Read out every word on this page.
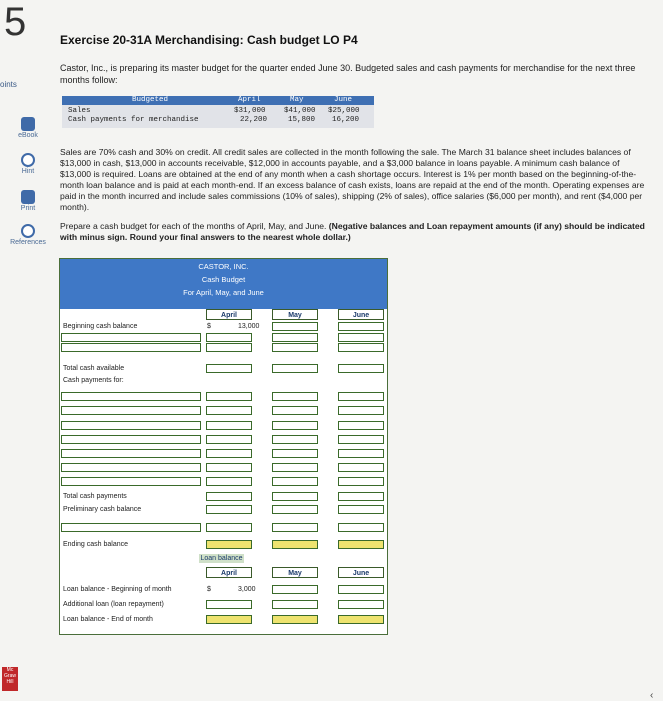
5
oints
eBook
Hint
Print
References
Exercise 20-31A Merchandising: Cash budget LO P4
Castor, Inc., is preparing its master budget for the quarter ended June 30. Budgeted sales and cash payments for merchandise for the next three months follow:
Budgeted	April	May	June
Sales	$31,000 $41,000 $25,000
Cash payments for merchandise	22,200	15,800 16,200
Sales are 70% cash and 30% on credit. All credit sales are collected in the month following the sale. The March 31 balance sheet includes balances of $13,000 in cash, $13,000 in accounts receivable, $12,000 in accounts payable, and a $3,000 balance in loans payable. A minimum cash balance of $13,000 is required. Loans are obtained at the end of any month when a cash shortage occurs. Interest is 1% per month based on the beginning-of-the-month loan balance and is paid at each month-end. If an excess balance of cash exists, loans are repaid at the end of the month. Operating expenses are paid in the month incurred and include sales commissions (10% of sales), shipping (2% of sales), office salaries ($6,000 per month), and rent ($4,000 per month).
Prepare a cash budget for each of the months of April, May, and June. (Negative balances and Loan repayment amounts (if any) should be indicated with minus sign. Round your final answers to the nearest whole dollar.)
CASTOR, INC.
Cash Budget
For April, May, and June
April	May	June
Beginning cash balance	$	13,000
Total cash available
Cash payments for:
Total cash payments
Preliminary cash balance
Ending cash balance
Loan balance
April	May	June
Loan balance - Beginning of month	$	3,000
Additional loan (loan repayment)
Loan balance - End of month
Mc Graw Hill
‹
